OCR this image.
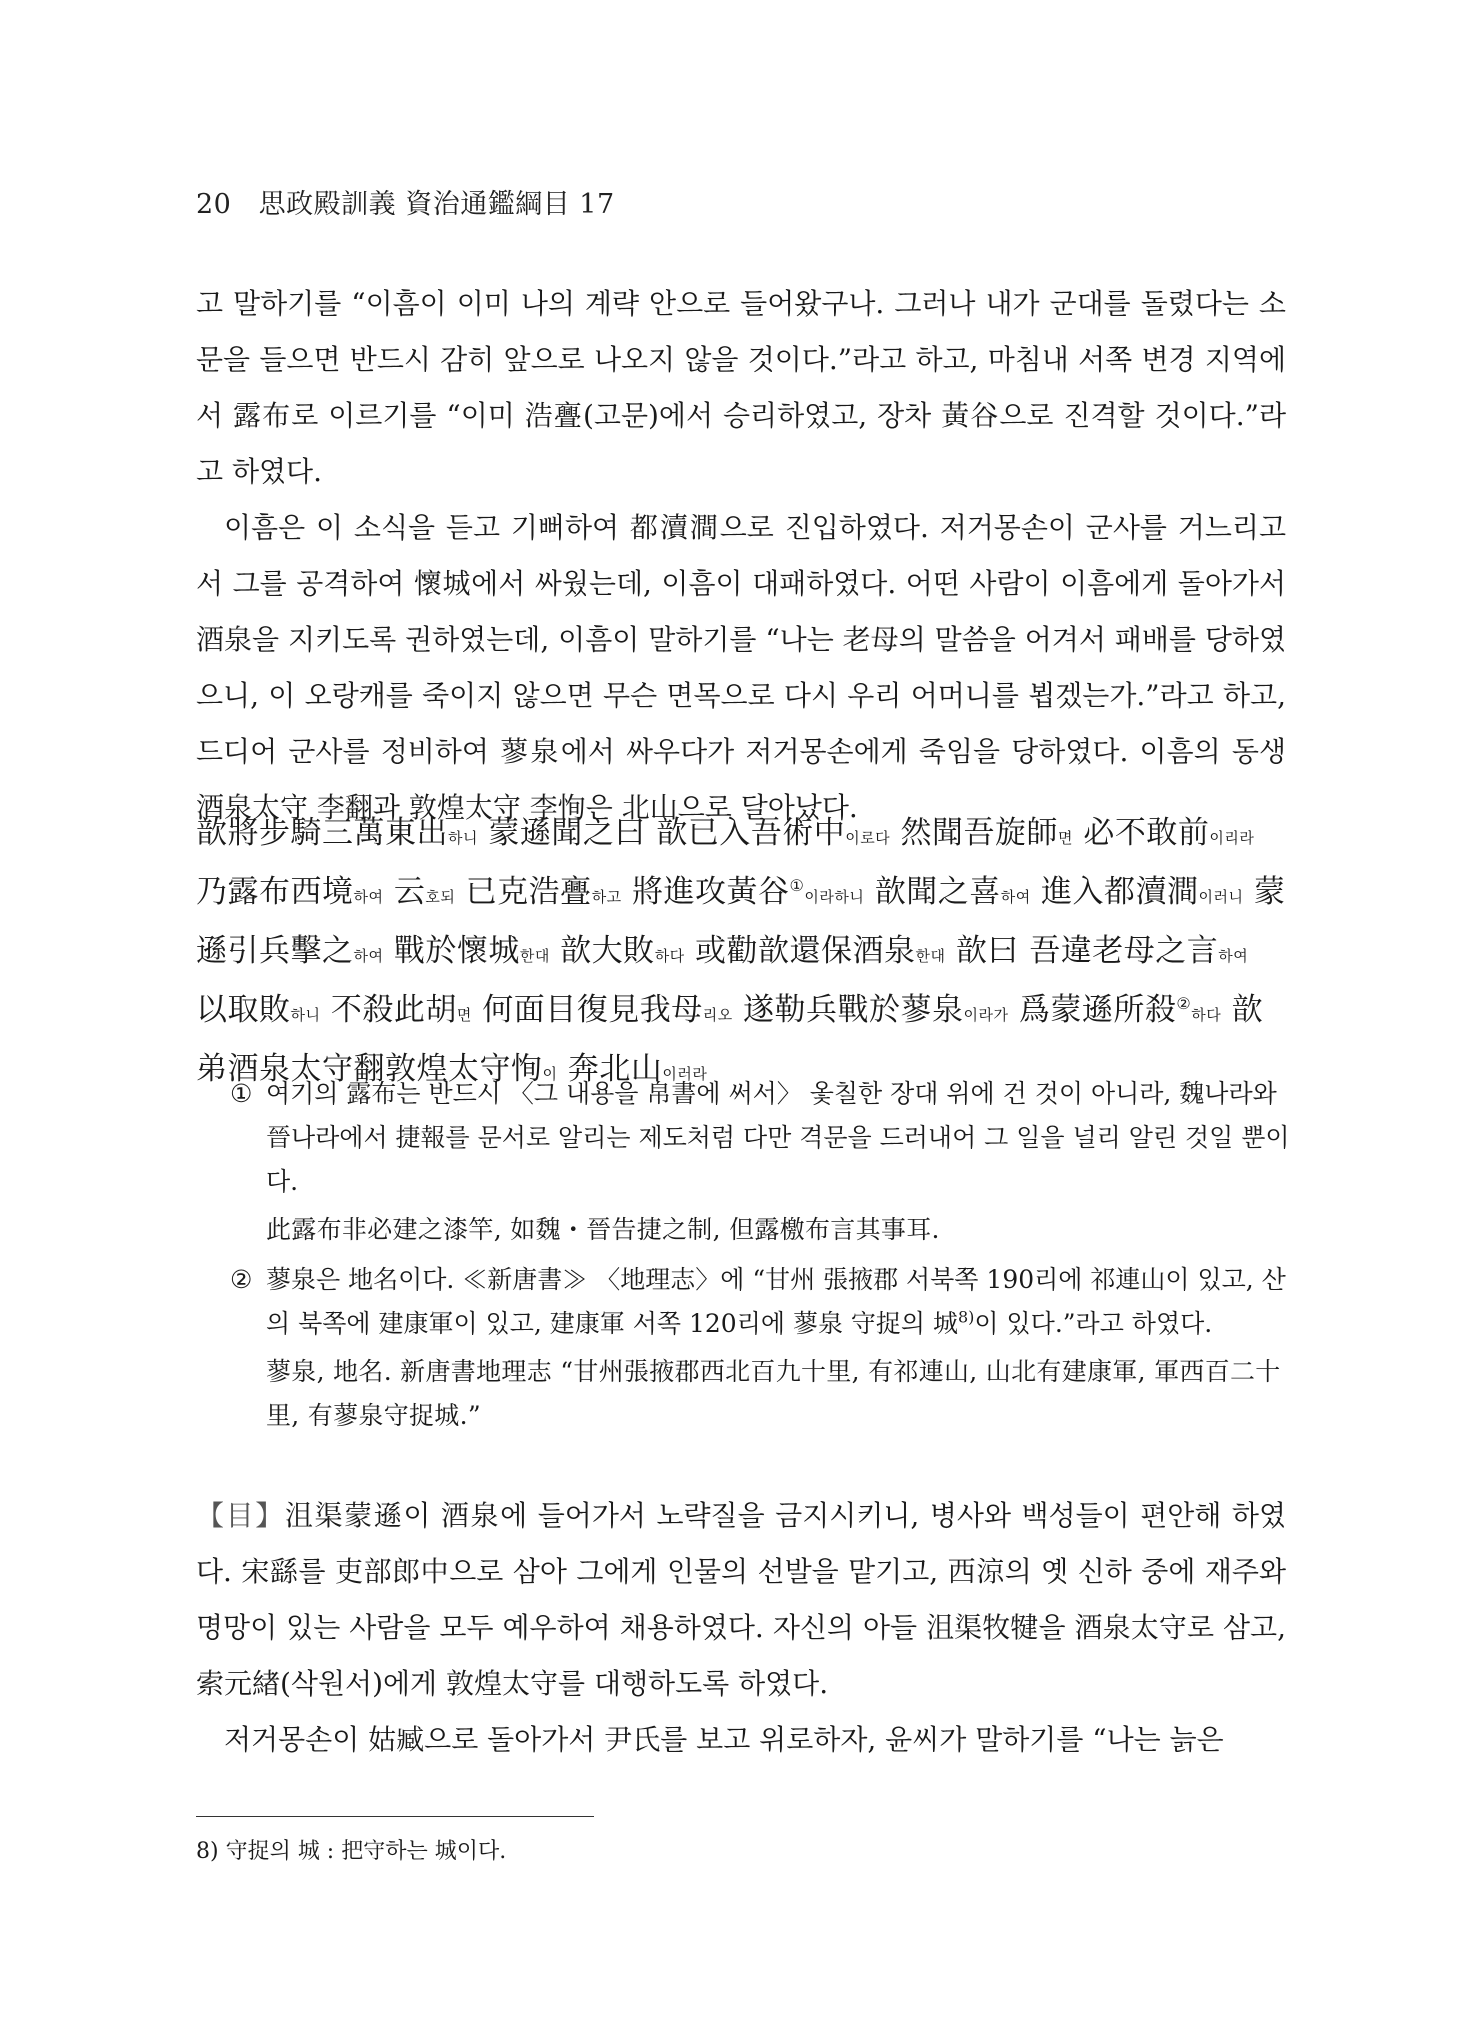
20 思政殿訓義 資治通鑑綱目 17

고 말하기를 “이흠이 이미 나의 계략 안으로 들어왔구나. 그러나 내가 군대를 돌렸다는 소문을 들으면 반드시 감히 앞으로 나오지 않을 것이다.”라고 하고, 마침내 서쪽 변경 지역에서 露布로 이르기를 “이미 浩亹(고문)에서 승리하였고, 장차 黃谷으로 진격할 것이다.”라고 하였다.

이흠은 이 소식을 듣고 기뻐하여 都瀆澗으로 진입하였다. 저거몽손이 군사를 거느리고서 그를 공격하여 懷城에서 싸웠는데, 이흠이 대패하였다. 어떤 사람이 이흠에게 돌아가서 酒泉을 지키도록 권하였는데, 이흠이 말하기를 “나는 老母의 말씀을 어겨서 패배를 당하였으니, 이 오랑캐를 죽이지 않으면 무슨 면목으로 다시 우리 어머니를 뵙겠는가.”라고 하고, 드디어 군사를 정비하여 蓼泉에서 싸우다가 저거몽손에게 죽임을 당하였다. 이흠의 동생 酒泉太守 李翻과 敦煌太守 李恂은 北山으로 달아났다.

歆將步騎三萬東出하니 蒙遜聞之曰 歆已入吾術中이로다 然聞吾旋師면 必不敢前이리라 乃露布西境하여 云호되 已克浩亹하고 將進攻黃谷①이라하니 歆聞之喜하여 進入都瀆澗이러니 蒙遜引兵擊之하여 戰於懷城한대 歆大敗하다 或勸歆還保酒泉한대 歆曰 吾違老母之言하여 以取敗하니 不殺此胡면 何面目復見我母리오 遂勒兵戰於蓼泉이라가 爲蒙遜所殺②하다 歆弟酒泉太守翻敦煌太守恂이 奔北山이러라

① 여기의 露布는 반드시 〈그 내용을 帛書에 써서〉 옻칠한 장대 위에 건 것이 아니라, 魏나라와 晉나라에서 捷報를 문서로 알리는 제도처럼 다만 격문을 드러내어 그 일을 널리 알린 것일 뿐이다.
此露布非必建之漆竿, 如魏・晉告捷之制, 但露檄布言其事耳.
② 蓼泉은 地名이다. ≪新唐書≫ 〈地理志〉에 “甘州 張掖郡 서북쪽 190리에 祁連山이 있고, 산의 북쪽에 建康軍이 있고, 建康軍 서쪽 120리에 蓼泉 守捉의 城$^{8)}$이 있다.”라고 하였다.
蓼泉, 地名. 新唐書地理志 “甘州張掖郡西北百九十里, 有祁連山, 山北有建康軍, 軍西百二十里, 有蓼泉守捉城.”

【目】沮渠蒙遜이 酒泉에 들어가서 노략질을 금지시키니, 병사와 백성들이 편안해 하였다. 宋繇를 吏部郎中으로 삼아 그에게 인물의 선발을 맡기고, 西涼의 옛 신하 중에 재주와 명망이 있는 사람을 모두 예우하여 채용하였다. 자신의 아들 沮渠牧犍을 酒泉太守로 삼고, 索元緖(삭원서)에게 敦煌太守를 대행하도록 하였다.

저거몽손이 姑臧으로 돌아가서 尹氏를 보고 위로하자, 윤씨가 말하기를 “나는 늙은

8) 守捉의 城 : 把守하는 城이다.
